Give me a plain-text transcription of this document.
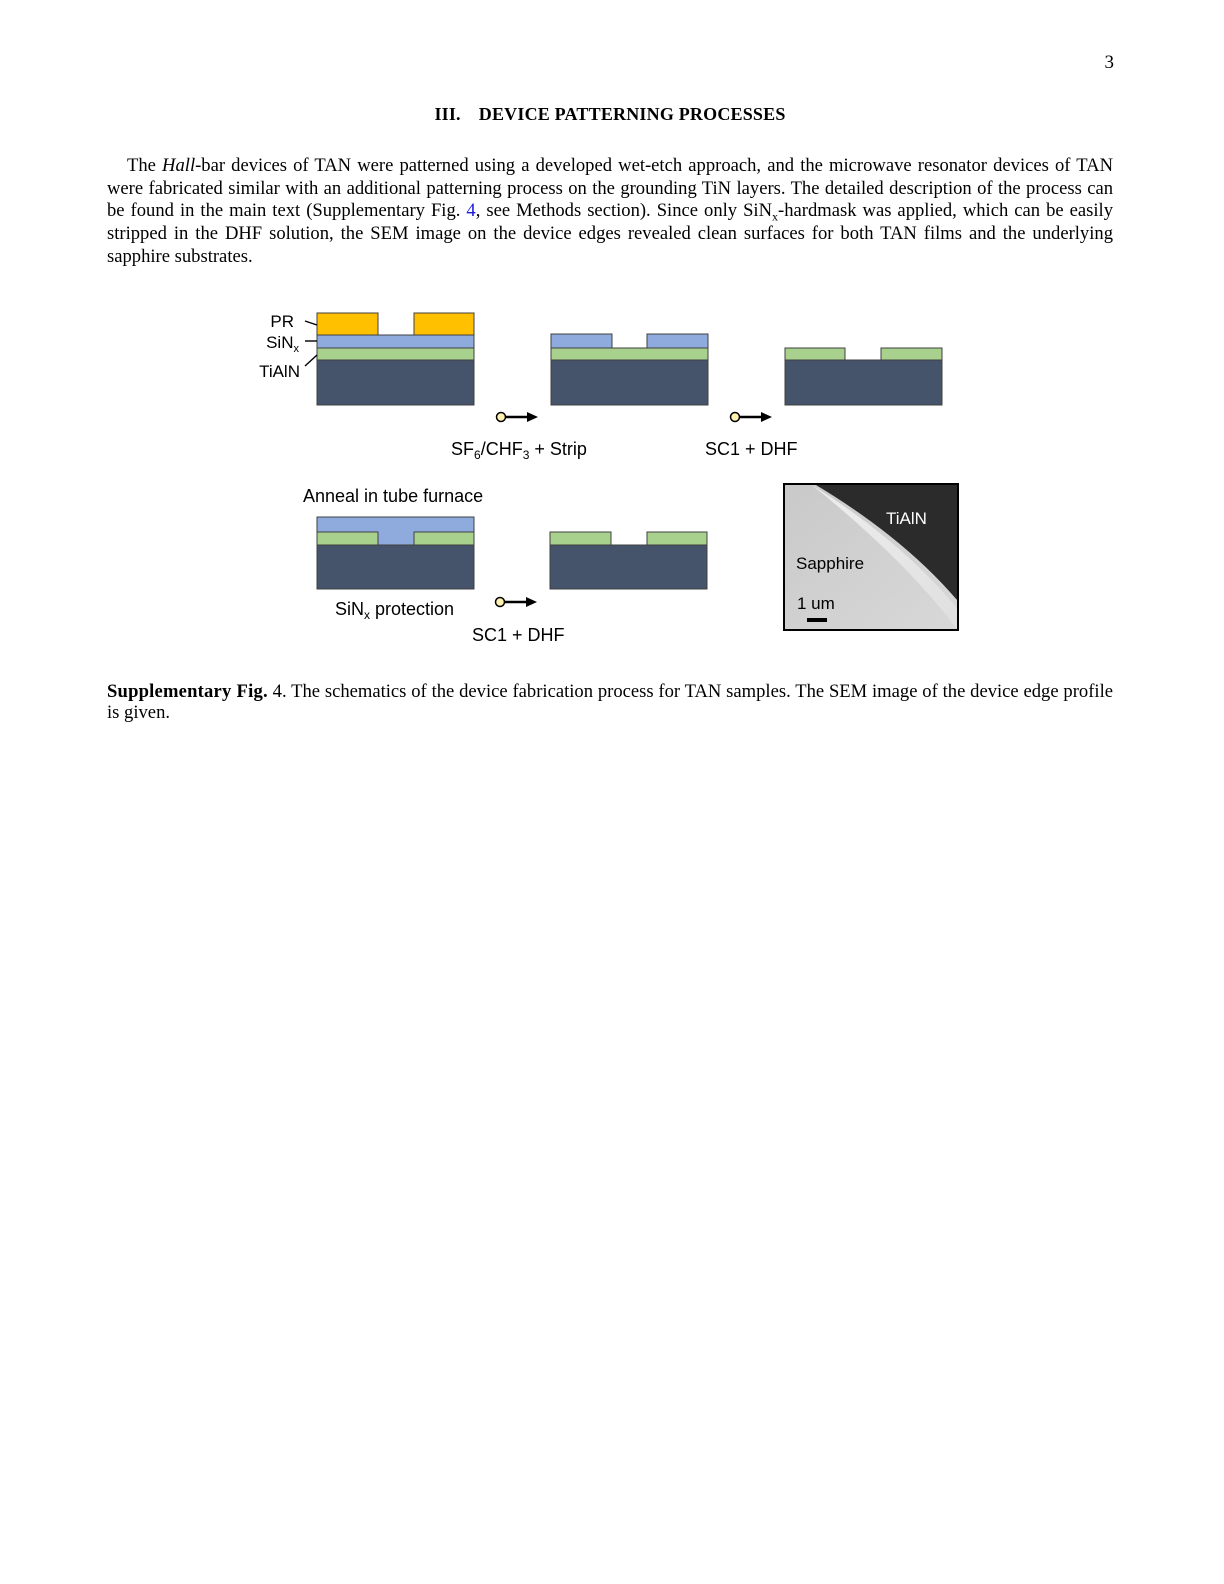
3
III. DEVICE PATTERNING PROCESSES

The Hall-bar devices of TAN were patterned using a developed wet-etch approach, and the microwave resonator devices of TAN were fabricated similar with an additional patterning process on the grounding TiN layers. The detailed description of the process can be found in the main text (Supplementary Fig. 4, see Methods section). Since only SiN$_x$-hardmask was applied, which can be easily stripped in the DHF solution, the SEM image on the device edges revealed clean surfaces for both TAN films and the underlying sapphire substrates.

PR
SiN$_x$
TiAlN
$SF_6/CHF_3$ + Strip	SC1 + DHF
Anneal in tube furnace
SiN$_x$ protection
SC1 + DHF
TiAlN
Sapphire
1 um

Supplementary Fig. 4. The schematics of the device fabrication process for TAN samples. The SEM image of the device edge profile is given.
